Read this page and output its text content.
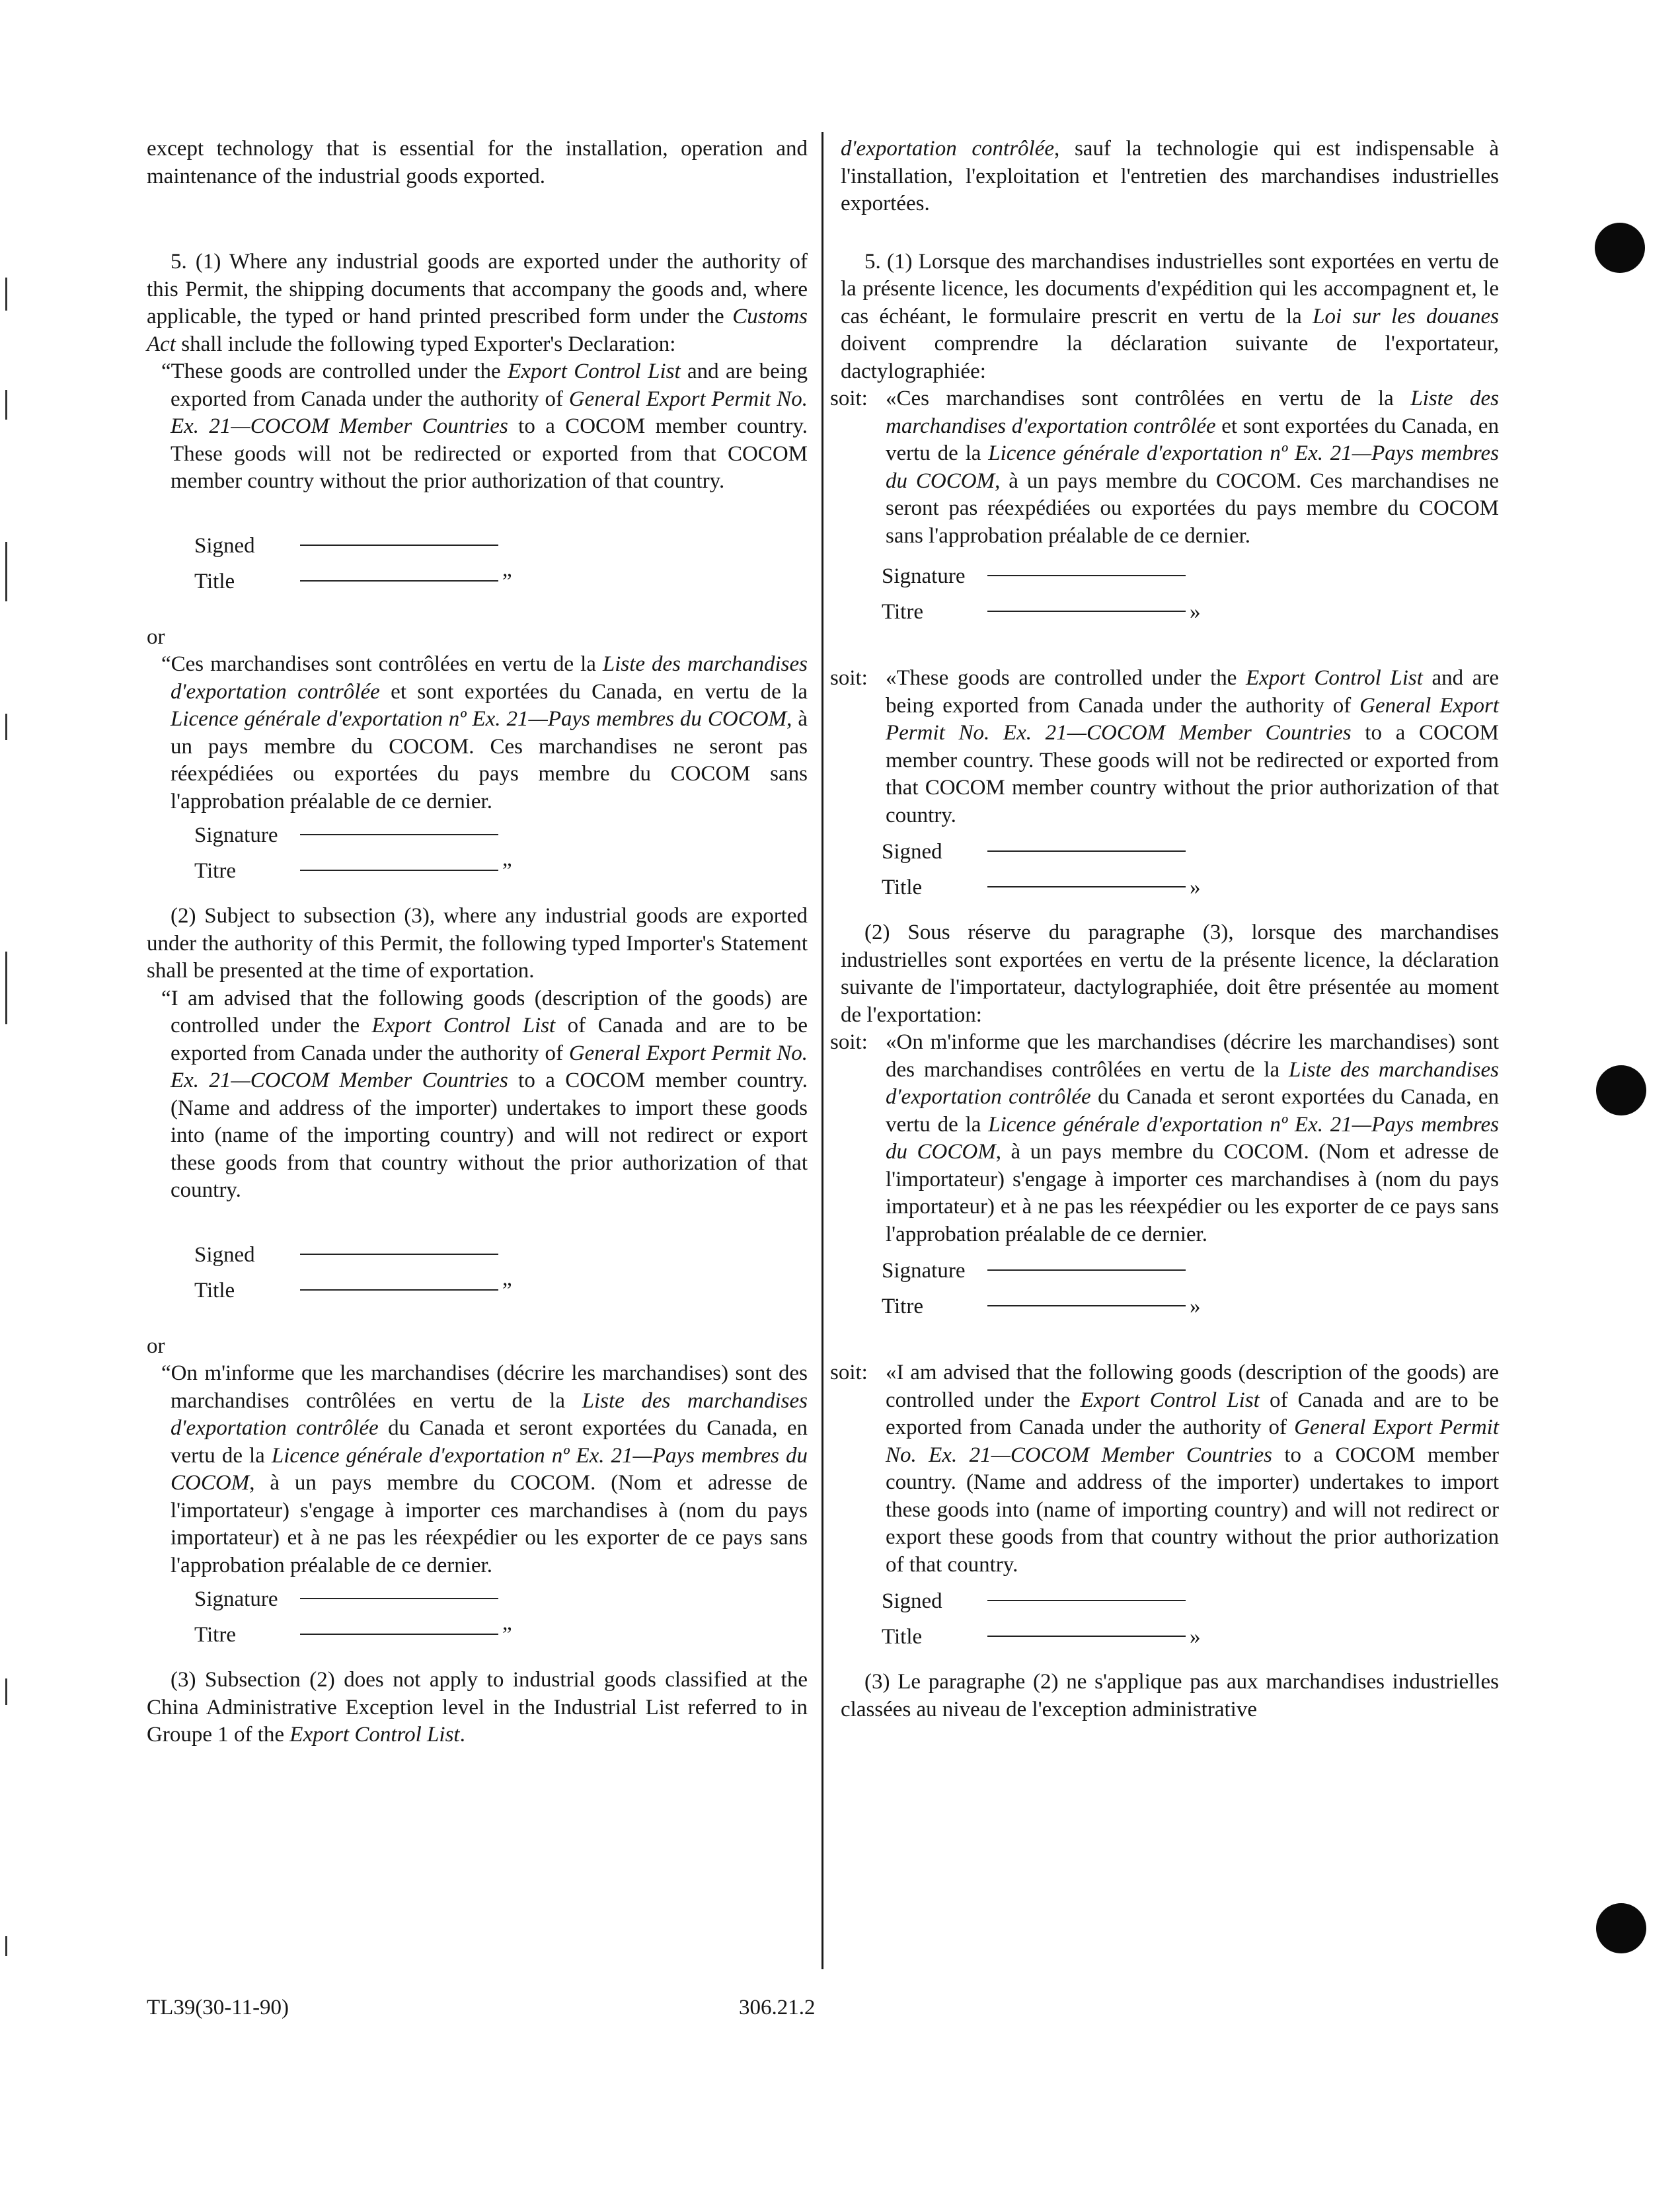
except technology that is essential for the installation, operation and maintenance of the industrial goods exported.

5. (1) Where any industrial goods are exported under the authority of this Permit, the shipping documents that accompany the goods and, where applicable, the typed or hand printed prescribed form under the Customs Act shall include the following typed Exporter's Declaration:

“These goods are controlled under the Export Control List and are being exported from Canada under the authority of General Export Permit No. Ex. 21—COCOM Member Countries to a COCOM member country. These goods will not be redirected or exported from that COCOM member country without the prior authorization of that country.

Signed
Title	”

or

“Ces marchandises sont contrôlées en vertu de la Liste des marchandises d'exportation contrôlée et sont exportées du Canada, en vertu de la Licence générale d'exportation nº Ex. 21—Pays membres du COCOM, à un pays membre du COCOM. Ces marchandises ne seront pas réexpédiées ou exportées du pays membre du COCOM sans l'approbation préalable de ce dernier.

Signature
Titre	”

(2) Subject to subsection (3), where any industrial goods are exported under the authority of this Permit, the following typed Importer's Statement shall be presented at the time of exportation.

“I am advised that the following goods (description of the goods) are controlled under the Export Control List of Canada and are to be exported from Canada under the authority of General Export Permit No. Ex. 21—COCOM Member Countries to a COCOM member country. (Name and address of the importer) undertakes to import these goods into (name of the importing country) and will not redirect or export these goods from that country without the prior authorization of that country.

Signed
Title	”

or

“On m'informe que les marchandises (décrire les marchandises) sont des marchandises contrôlées en vertu de la Liste des marchandises d'exportation contrôlée du Canada et seront exportées du Canada, en vertu de la Licence générale d'exportation nº Ex. 21—Pays membres du COCOM, à un pays membre du COCOM. (Nom et adresse de l'importateur) s'engage à importer ces marchandises à (nom du pays importateur) et à ne pas les réexpédier ou les exporter de ce pays sans l'approbation préalable de ce dernier.

Signature
Titre	”

(3) Subsection (2) does not apply to industrial goods classified at the China Administrative Exception level in the Industrial List referred to in Groupe 1 of the Export Control List.

d'exportation contrôlée, sauf la technologie qui est indispensable à l'installation, l'exploitation et l'entretien des marchandises industrielles exportées.

5. (1) Lorsque des marchandises industrielles sont exportées en vertu de la présente licence, les documents d'expédition qui les accompagnent et, le cas échéant, le formulaire prescrit en vertu de la Loi sur les douanes doivent comprendre la déclaration suivante de l'exportateur, dactylographiée:

soit: «Ces marchandises sont contrôlées en vertu de la Liste des marchandises d'exportation contrôlée et sont exportées du Canada, en vertu de la Licence générale d'exportation nº Ex. 21—Pays membres du COCOM, à un pays membre du COCOM. Ces marchandises ne seront pas réexpédiées ou exportées du pays membre du COCOM sans l'approbation préalable de ce dernier.

Signature
Titre	»
soit: «These goods are controlled under the Export Control List and are being exported from Canada under the authority of General Export Permit No. Ex. 21—COCOM Member Countries to a COCOM member country. These goods will not be redirected or exported from that COCOM member country without the prior authorization of that country.

Signed
Title	»

(2) Sous réserve du paragraphe (3), lorsque des marchandises industrielles sont exportées en vertu de la présente licence, la déclaration suivante de l'importateur, dactylographiée, doit être présentée au moment de l'exportation:

soit: «On m'informe que les marchandises (décrire les marchandises) sont des marchandises contrôlées en vertu de la Liste des marchandises d'exportation contrôlée du Canada et seront exportées du Canada, en vertu de la Licence générale d'exportation nº Ex. 21—Pays membres du COCOM, à un pays membre du COCOM. (Nom et adresse de l'importateur) s'engage à importer ces marchandises à (nom du pays importateur) et à ne pas les réexpédier ou les exporter de ce pays sans l'approbation préalable de ce dernier.

Signature
Titre	»
soit: «I am advised that the following goods (description of the goods) are controlled under the Export Control List of Canada and are to be exported from Canada under the authority of General Export Permit No. Ex. 21—COCOM Member Countries to a COCOM member country. (Name and address of the importer) undertakes to import these goods into (name of importing country) and will not redirect or export these goods from that country without the prior authorization of that country.

Signed
Title	»

(3) Le paragraphe (2) ne s'applique pas aux marchandises industrielles classées au niveau de l'exception administrative

TL39(30-11-90)	306.21.2
